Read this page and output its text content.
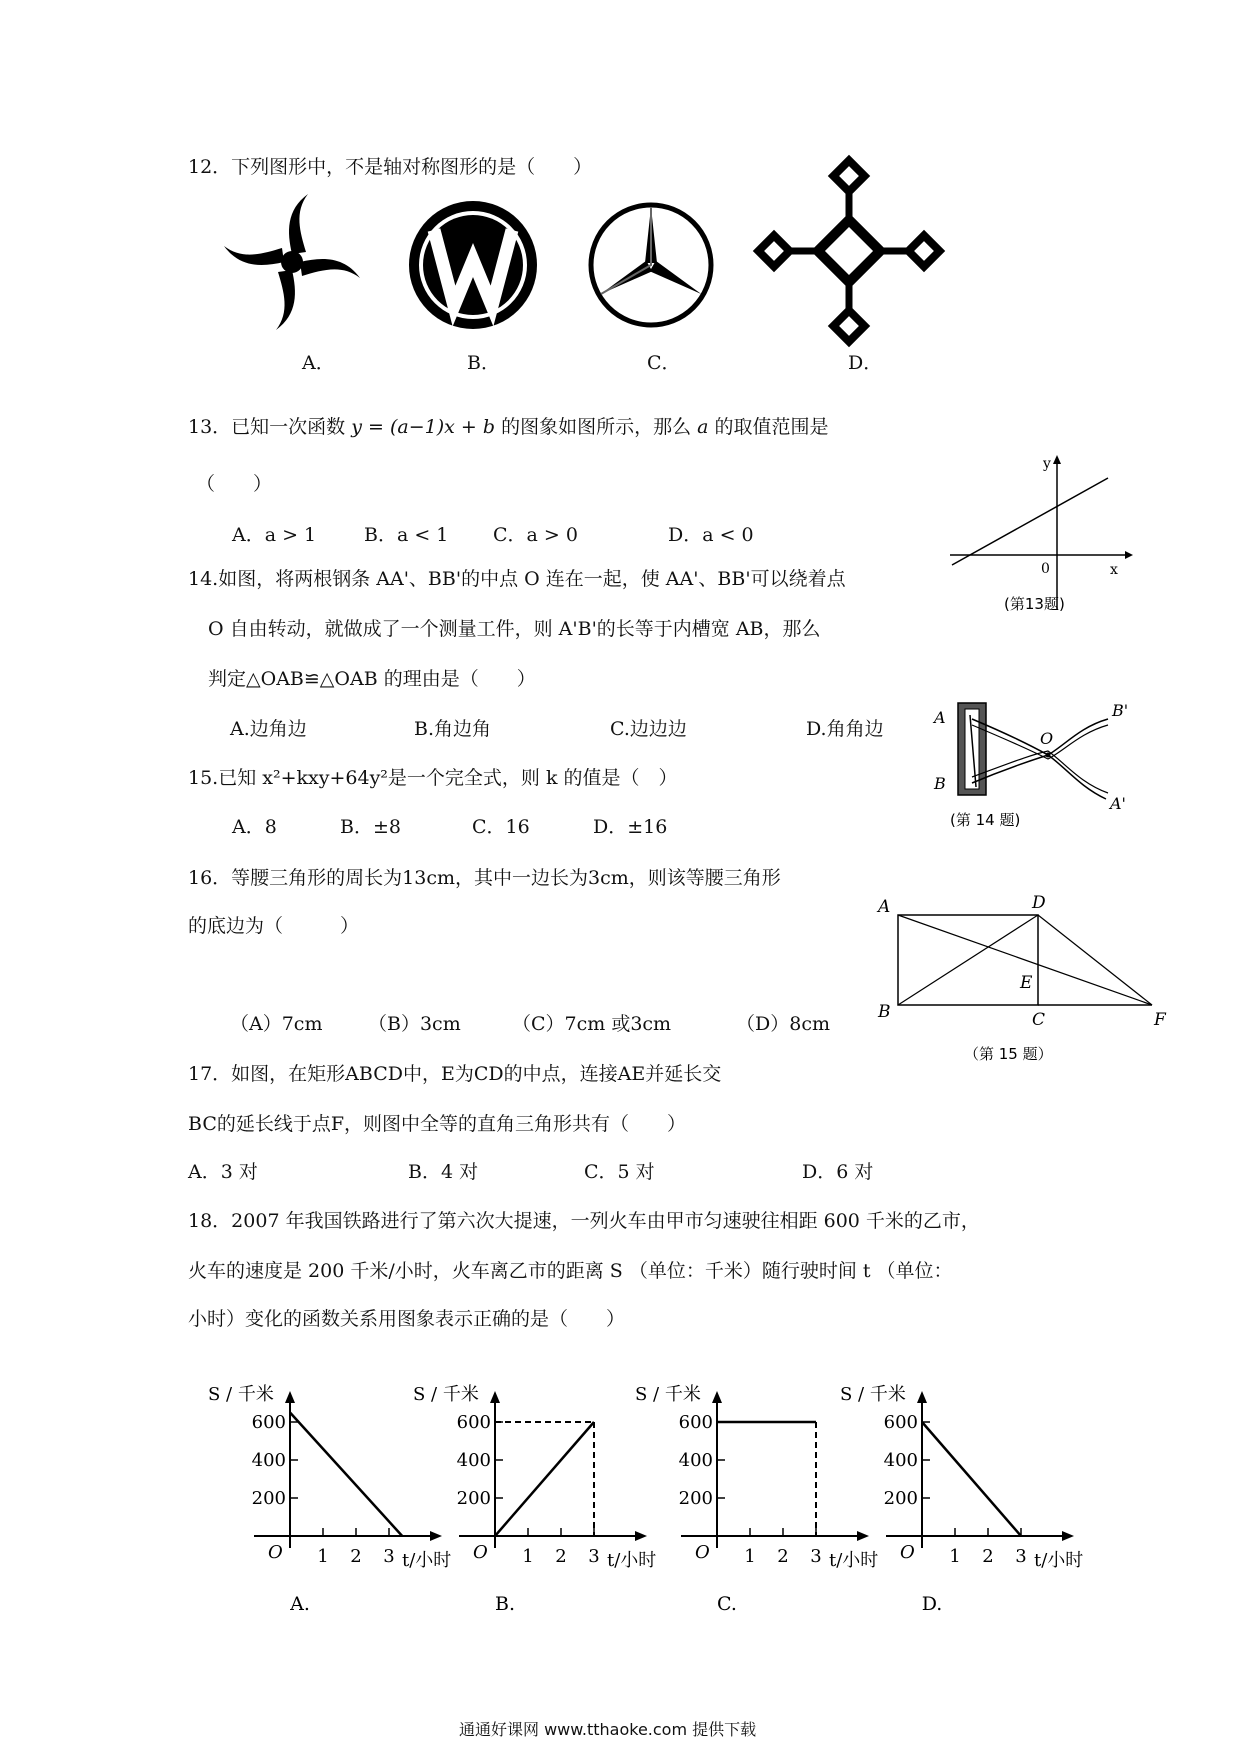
12．下列图形中，不是轴对称图形的是（　　）
A．	B．	C．	D．
13．已知一次函数 y = (a−1)x + b 的图象如图所示，那么 a 的取值范围是
（　　）
A．a > 1	B．a < 1 C．a > 0	D．a < 0
y
x
0
(第13题)
14.如图，将两根钢条 AA'、BB'的中点 O 连在一起，使 AA'、BB'可以绕着点
O 自由转动，就做成了一个测量工件，则 A'B'的长等于内槽宽 AB，那么
判定△OAB≌△OAB 的理由是（　　）
A.边角边	B.角边角	C.边边边	D.角角边
A
B
O
B'
A'
(第 14 题)
15.已知 x²+kxy+64y²是一个完全式，则 k 的值是（　）
A．8	B．±8	C．16	D．±16
16．等腰三角形的周长为13cm，其中一边长为3cm，则该等腰三角形
的底边为（　　　）
（A）7cm （B）3cm	（C）7cm 或3cm	（D）8cm
A	D
E
B	C	F
（第 15 题）
17．如图，在矩形ABCD中，E为CD的中点，连接AE并延长交
BC的延长线于点F，则图中全等的直角三角形共有（　　）
A．3 对	B．4 对	C．5 对	D．6 对
18．2007 年我国铁路进行了第六次大提速，一列火车由甲市匀速驶往相距 600 千米的乙市，
火车的速度是 200 千米/小时，火车离乙市的距离 S （单位：千米）随行驶时间 t （单位：
小时）变化的函数关系用图象表示正确的是（　　）
200
400
600
1 2 3
O
S / 千米
t/小时
A.
200
400
600
1 2 3
O
S / 千米
t/小时
B.
200
400
600
1 2 3
O
S / 千米
t/小时
C.
200
400
600
1 2 3
O
S / 千米
t/小时
D.
通通好课网 www.tthaoke.com 提供下载
